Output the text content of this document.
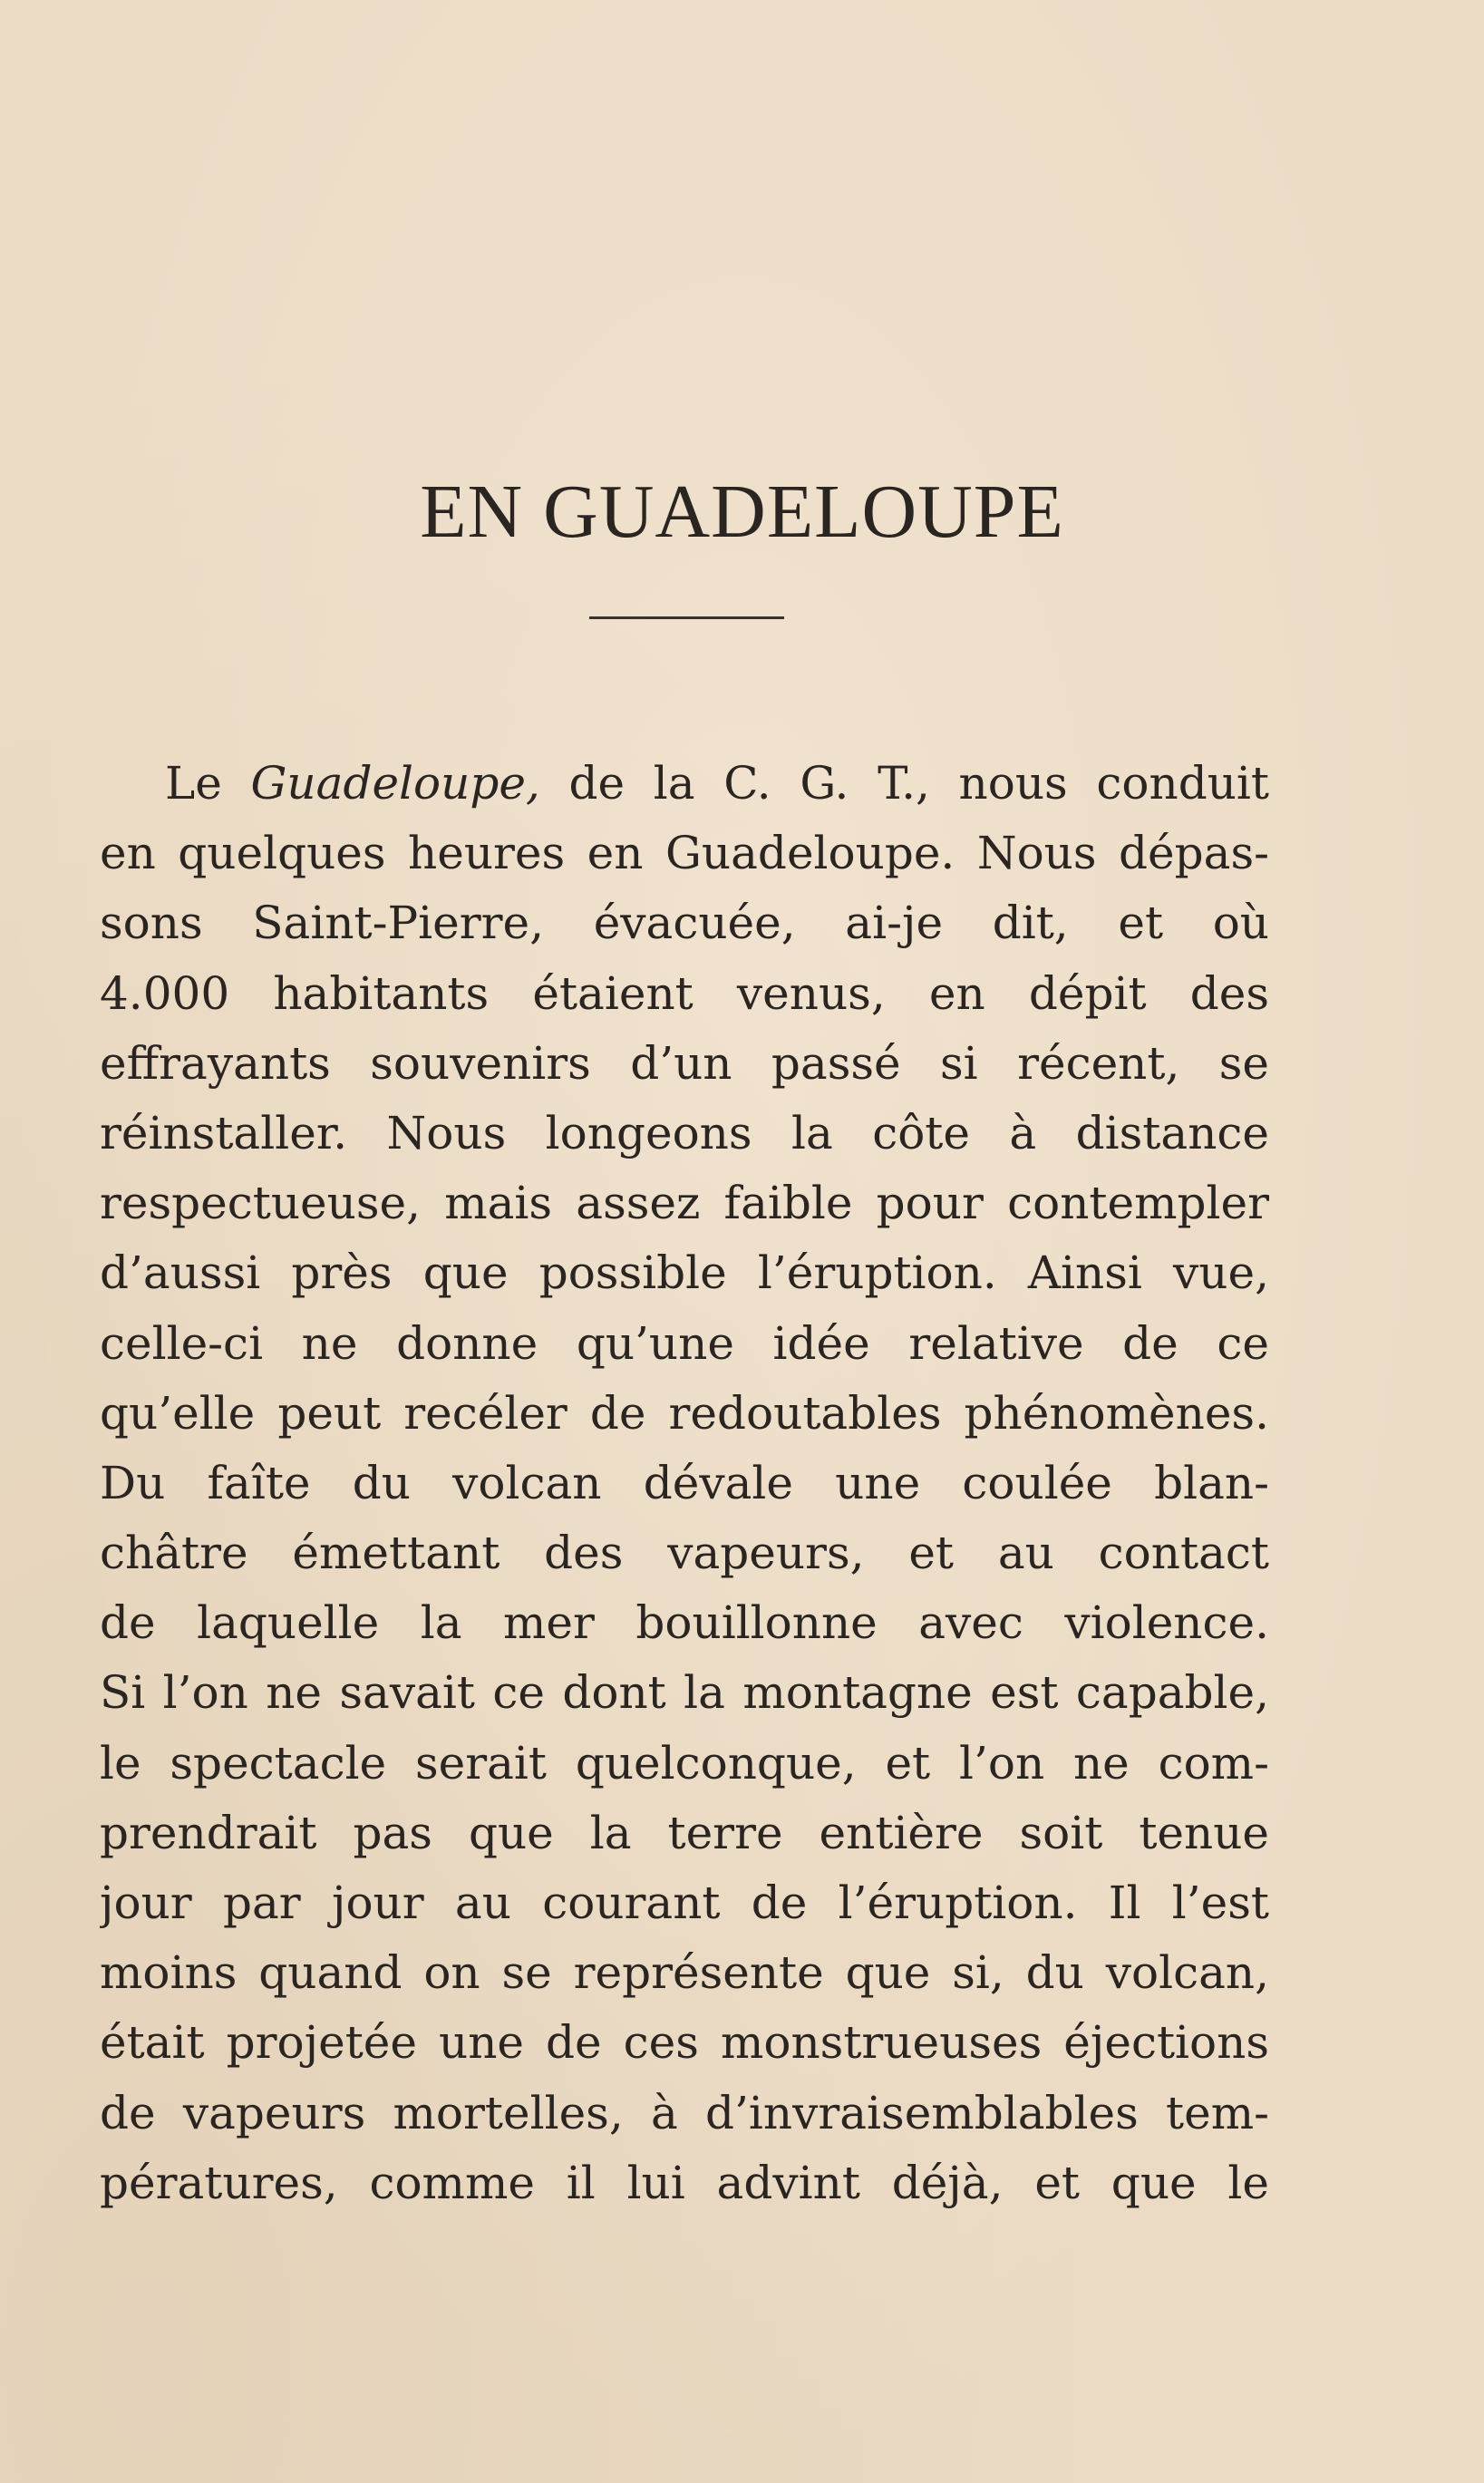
EN GUADELOUPE
Le Guadeloupe, de la C. G. T., nous conduit
en quelques heures en Guadeloupe. Nous dépas-
sons Saint-Pierre, évacuée, ai-je dit, et où
4.000 habitants étaient venus, en dépit des
effrayants souvenirs d’un passé si récent, se
réinstaller. Nous longeons la côte à distance
respectueuse, mais assez faible pour contempler
d’aussi près que possible l’éruption. Ainsi vue,
celle-ci ne donne qu’une idée relative de ce
qu’elle peut recéler de redoutables phénomènes.
Du faîte du volcan dévale une coulée blan-
châtre émettant des vapeurs, et au contact
de laquelle la mer bouillonne avec violence.
Si l’on ne savait ce dont la montagne est capable,
le spectacle serait quelconque, et l’on ne com-
prendrait pas que la terre entière soit tenue
jour par jour au courant de l’éruption. Il l’est
moins quand on se représente que si, du volcan,
était projetée une de ces monstrueuses éjections
de vapeurs mortelles, à d’invraisemblables tem-
pératures, comme il lui advint déjà, et que le
